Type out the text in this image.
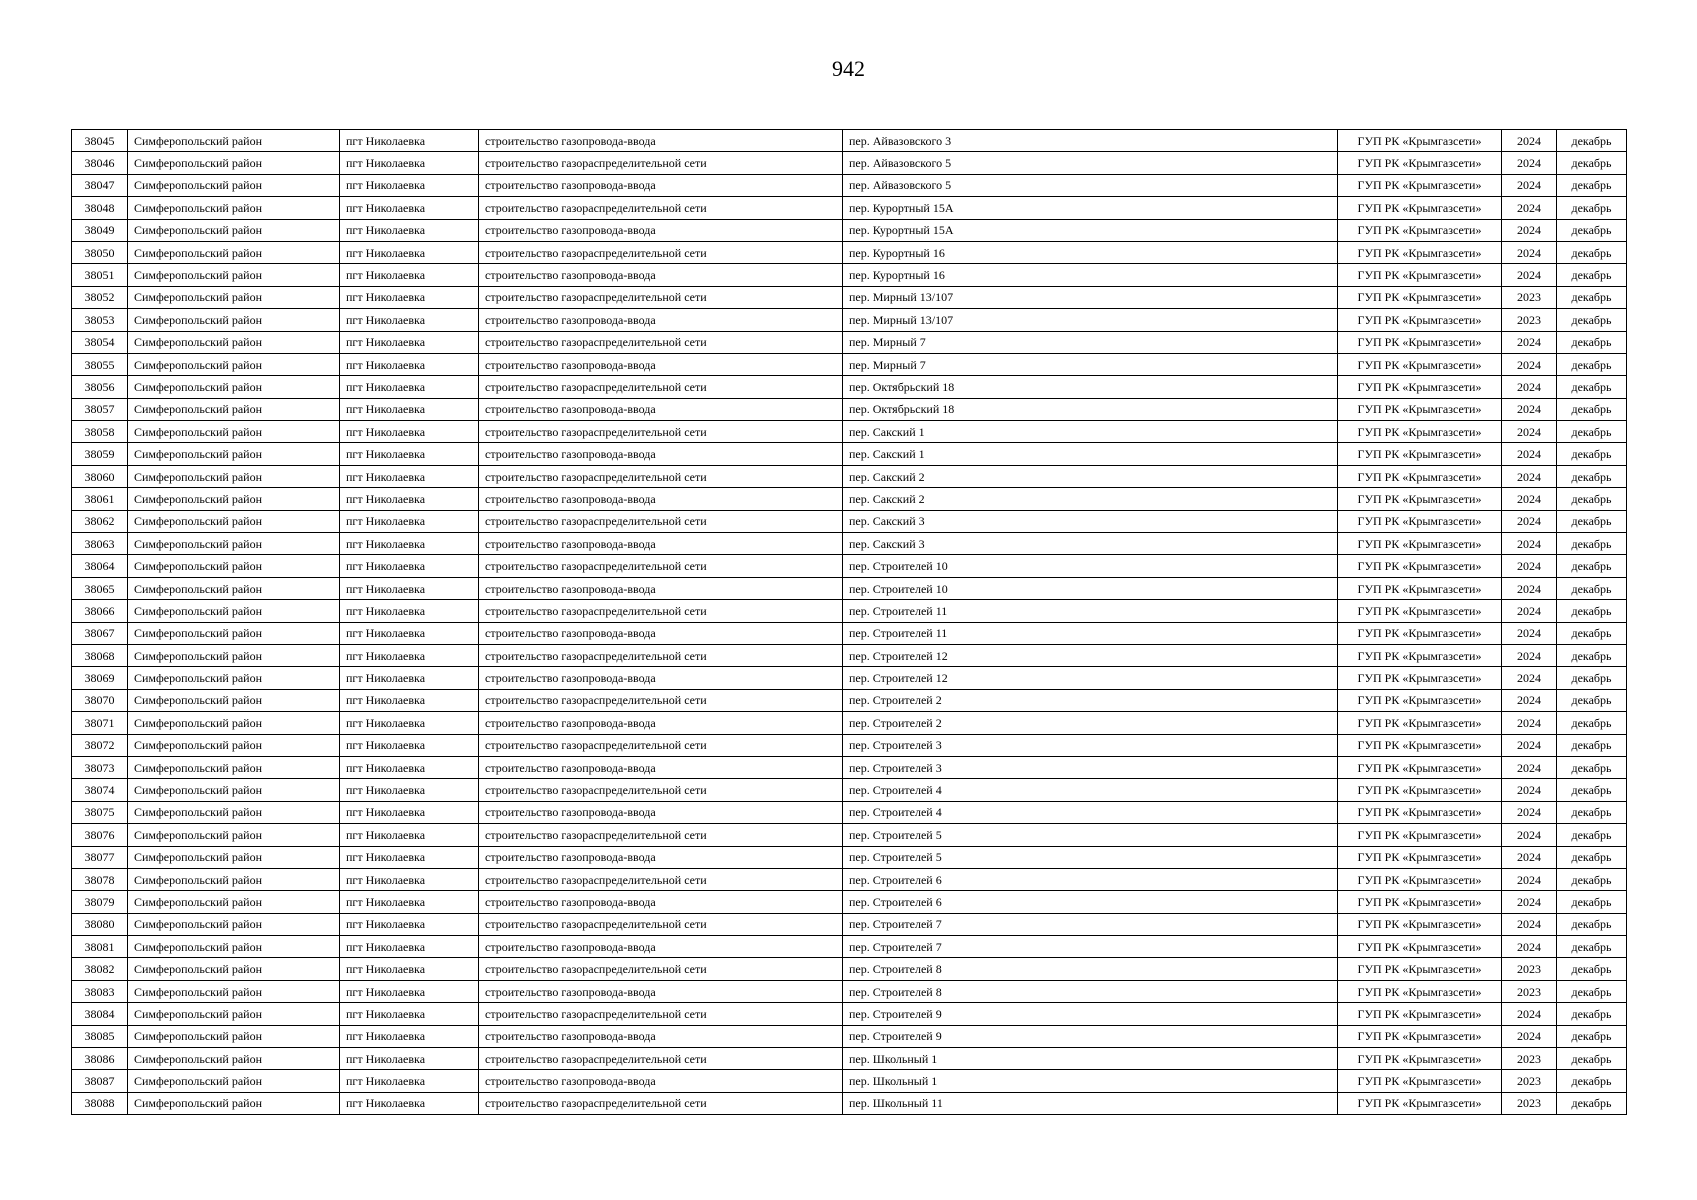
942
38045	Симферопольский район	пгт Николаевка	строительство газопровода-ввода	пер. Айвазовского 3	ГУП РК «Крымгазсети»	2024	декабрь
38046	Симферопольский район	пгт Николаевка	строительство газораспределительной сети	пер. Айвазовского 5	ГУП РК «Крымгазсети»	2024	декабрь
38047	Симферопольский район	пгт Николаевка	строительство газопровода-ввода	пер. Айвазовского 5	ГУП РК «Крымгазсети»	2024	декабрь
38048	Симферопольский район	пгт Николаевка	строительство газораспределительной сети	пер. Курортный 15А	ГУП РК «Крымгазсети»	2024	декабрь
38049	Симферопольский район	пгт Николаевка	строительство газопровода-ввода	пер. Курортный 15А	ГУП РК «Крымгазсети»	2024	декабрь
38050	Симферопольский район	пгт Николаевка	строительство газораспределительной сети	пер. Курортный 16	ГУП РК «Крымгазсети»	2024	декабрь
38051	Симферопольский район	пгт Николаевка	строительство газопровода-ввода	пер. Курортный 16	ГУП РК «Крымгазсети»	2024	декабрь
38052	Симферопольский район	пгт Николаевка	строительство газораспределительной сети	пер. Мирный 13/107	ГУП РК «Крымгазсети»	2023	декабрь
38053	Симферопольский район	пгт Николаевка	строительство газопровода-ввода	пер. Мирный 13/107	ГУП РК «Крымгазсети»	2023	декабрь
38054	Симферопольский район	пгт Николаевка	строительство газораспределительной сети	пер. Мирный 7	ГУП РК «Крымгазсети»	2024	декабрь
38055	Симферопольский район	пгт Николаевка	строительство газопровода-ввода	пер. Мирный 7	ГУП РК «Крымгазсети»	2024	декабрь
38056	Симферопольский район	пгт Николаевка	строительство газораспределительной сети	пер. Октябрьский 18	ГУП РК «Крымгазсети»	2024	декабрь
38057	Симферопольский район	пгт Николаевка	строительство газопровода-ввода	пер. Октябрьский 18	ГУП РК «Крымгазсети»	2024	декабрь
38058	Симферопольский район	пгт Николаевка	строительство газораспределительной сети	пер. Сакский 1	ГУП РК «Крымгазсети»	2024	декабрь
38059	Симферопольский район	пгт Николаевка	строительство газопровода-ввода	пер. Сакский 1	ГУП РК «Крымгазсети»	2024	декабрь
38060	Симферопольский район	пгт Николаевка	строительство газораспределительной сети	пер. Сакский 2	ГУП РК «Крымгазсети»	2024	декабрь
38061	Симферопольский район	пгт Николаевка	строительство газопровода-ввода	пер. Сакский 2	ГУП РК «Крымгазсети»	2024	декабрь
38062	Симферопольский район	пгт Николаевка	строительство газораспределительной сети	пер. Сакский 3	ГУП РК «Крымгазсети»	2024	декабрь
38063	Симферопольский район	пгт Николаевка	строительство газопровода-ввода	пер. Сакский 3	ГУП РК «Крымгазсети»	2024	декабрь
38064	Симферопольский район	пгт Николаевка	строительство газораспределительной сети	пер. Строителей 10	ГУП РК «Крымгазсети»	2024	декабрь
38065	Симферопольский район	пгт Николаевка	строительство газопровода-ввода	пер. Строителей 10	ГУП РК «Крымгазсети»	2024	декабрь
38066	Симферопольский район	пгт Николаевка	строительство газораспределительной сети	пер. Строителей 11	ГУП РК «Крымгазсети»	2024	декабрь
38067	Симферопольский район	пгт Николаевка	строительство газопровода-ввода	пер. Строителей 11	ГУП РК «Крымгазсети»	2024	декабрь
38068	Симферопольский район	пгт Николаевка	строительство газораспределительной сети	пер. Строителей 12	ГУП РК «Крымгазсети»	2024	декабрь
38069	Симферопольский район	пгт Николаевка	строительство газопровода-ввода	пер. Строителей 12	ГУП РК «Крымгазсети»	2024	декабрь
38070	Симферопольский район	пгт Николаевка	строительство газораспределительной сети	пер. Строителей 2	ГУП РК «Крымгазсети»	2024	декабрь
38071	Симферопольский район	пгт Николаевка	строительство газопровода-ввода	пер. Строителей 2	ГУП РК «Крымгазсети»	2024	декабрь
38072	Симферопольский район	пгт Николаевка	строительство газораспределительной сети	пер. Строителей 3	ГУП РК «Крымгазсети»	2024	декабрь
38073	Симферопольский район	пгт Николаевка	строительство газопровода-ввода	пер. Строителей 3	ГУП РК «Крымгазсети»	2024	декабрь
38074	Симферопольский район	пгт Николаевка	строительство газораспределительной сети	пер. Строителей 4	ГУП РК «Крымгазсети»	2024	декабрь
38075	Симферопольский район	пгт Николаевка	строительство газопровода-ввода	пер. Строителей 4	ГУП РК «Крымгазсети»	2024	декабрь
38076	Симферопольский район	пгт Николаевка	строительство газораспределительной сети	пер. Строителей 5	ГУП РК «Крымгазсети»	2024	декабрь
38077	Симферопольский район	пгт Николаевка	строительство газопровода-ввода	пер. Строителей 5	ГУП РК «Крымгазсети»	2024	декабрь
38078	Симферопольский район	пгт Николаевка	строительство газораспределительной сети	пер. Строителей 6	ГУП РК «Крымгазсети»	2024	декабрь
38079	Симферопольский район	пгт Николаевка	строительство газопровода-ввода	пер. Строителей 6	ГУП РК «Крымгазсети»	2024	декабрь
38080	Симферопольский район	пгт Николаевка	строительство газораспределительной сети	пер. Строителей 7	ГУП РК «Крымгазсети»	2024	декабрь
38081	Симферопольский район	пгт Николаевка	строительство газопровода-ввода	пер. Строителей 7	ГУП РК «Крымгазсети»	2024	декабрь
38082	Симферопольский район	пгт Николаевка	строительство газораспределительной сети	пер. Строителей 8	ГУП РК «Крымгазсети»	2023	декабрь
38083	Симферопольский район	пгт Николаевка	строительство газопровода-ввода	пер. Строителей 8	ГУП РК «Крымгазсети»	2023	декабрь
38084	Симферопольский район	пгт Николаевка	строительство газораспределительной сети	пер. Строителей 9	ГУП РК «Крымгазсети»	2024	декабрь
38085	Симферопольский район	пгт Николаевка	строительство газопровода-ввода	пер. Строителей 9	ГУП РК «Крымгазсети»	2024	декабрь
38086	Симферопольский район	пгт Николаевка	строительство газораспределительной сети	пер. Школьный 1	ГУП РК «Крымгазсети»	2023	декабрь
38087	Симферопольский район	пгт Николаевка	строительство газопровода-ввода	пер. Школьный 1	ГУП РК «Крымгазсети»	2023	декабрь
38088	Симферопольский район	пгт Николаевка	строительство газораспределительной сети	пер. Школьный 11	ГУП РК «Крымгазсети»	2023	декабрь
